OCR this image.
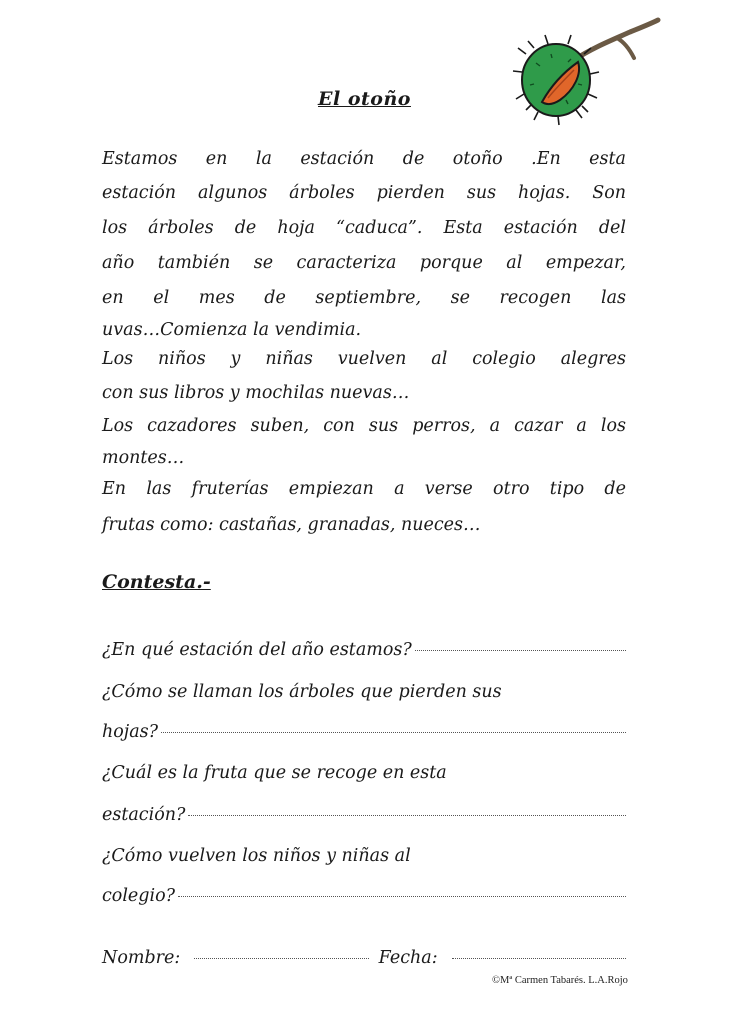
El otoño
Estamos en la estación de otoño .En esta
estación algunos árboles pierden sus hojas. Son
los árboles de hoja “caduca”. Esta estación del
año también se caracteriza porque al empezar,
en el mes de septiembre, se recogen las
uvas…Comienza la vendimia.
Los niños y niñas vuelven al colegio alegres
con sus libros y mochilas nuevas…
Los cazadores suben, con sus perros, a cazar a los
montes…
En las fruterías empiezan a verse otro tipo de
frutas como: castañas, granadas, nueces…
Contesta.-
¿En qué estación del año estamos?
¿Cómo se llaman los árboles que pierden sus
hojas?
¿Cuál es la fruta que se recoge en esta
estación?
¿Cómo vuelven los niños y niñas al
colegio?
Nombre:	Fecha:
©Mª Carmen Tabarés. L.A.Rojo
